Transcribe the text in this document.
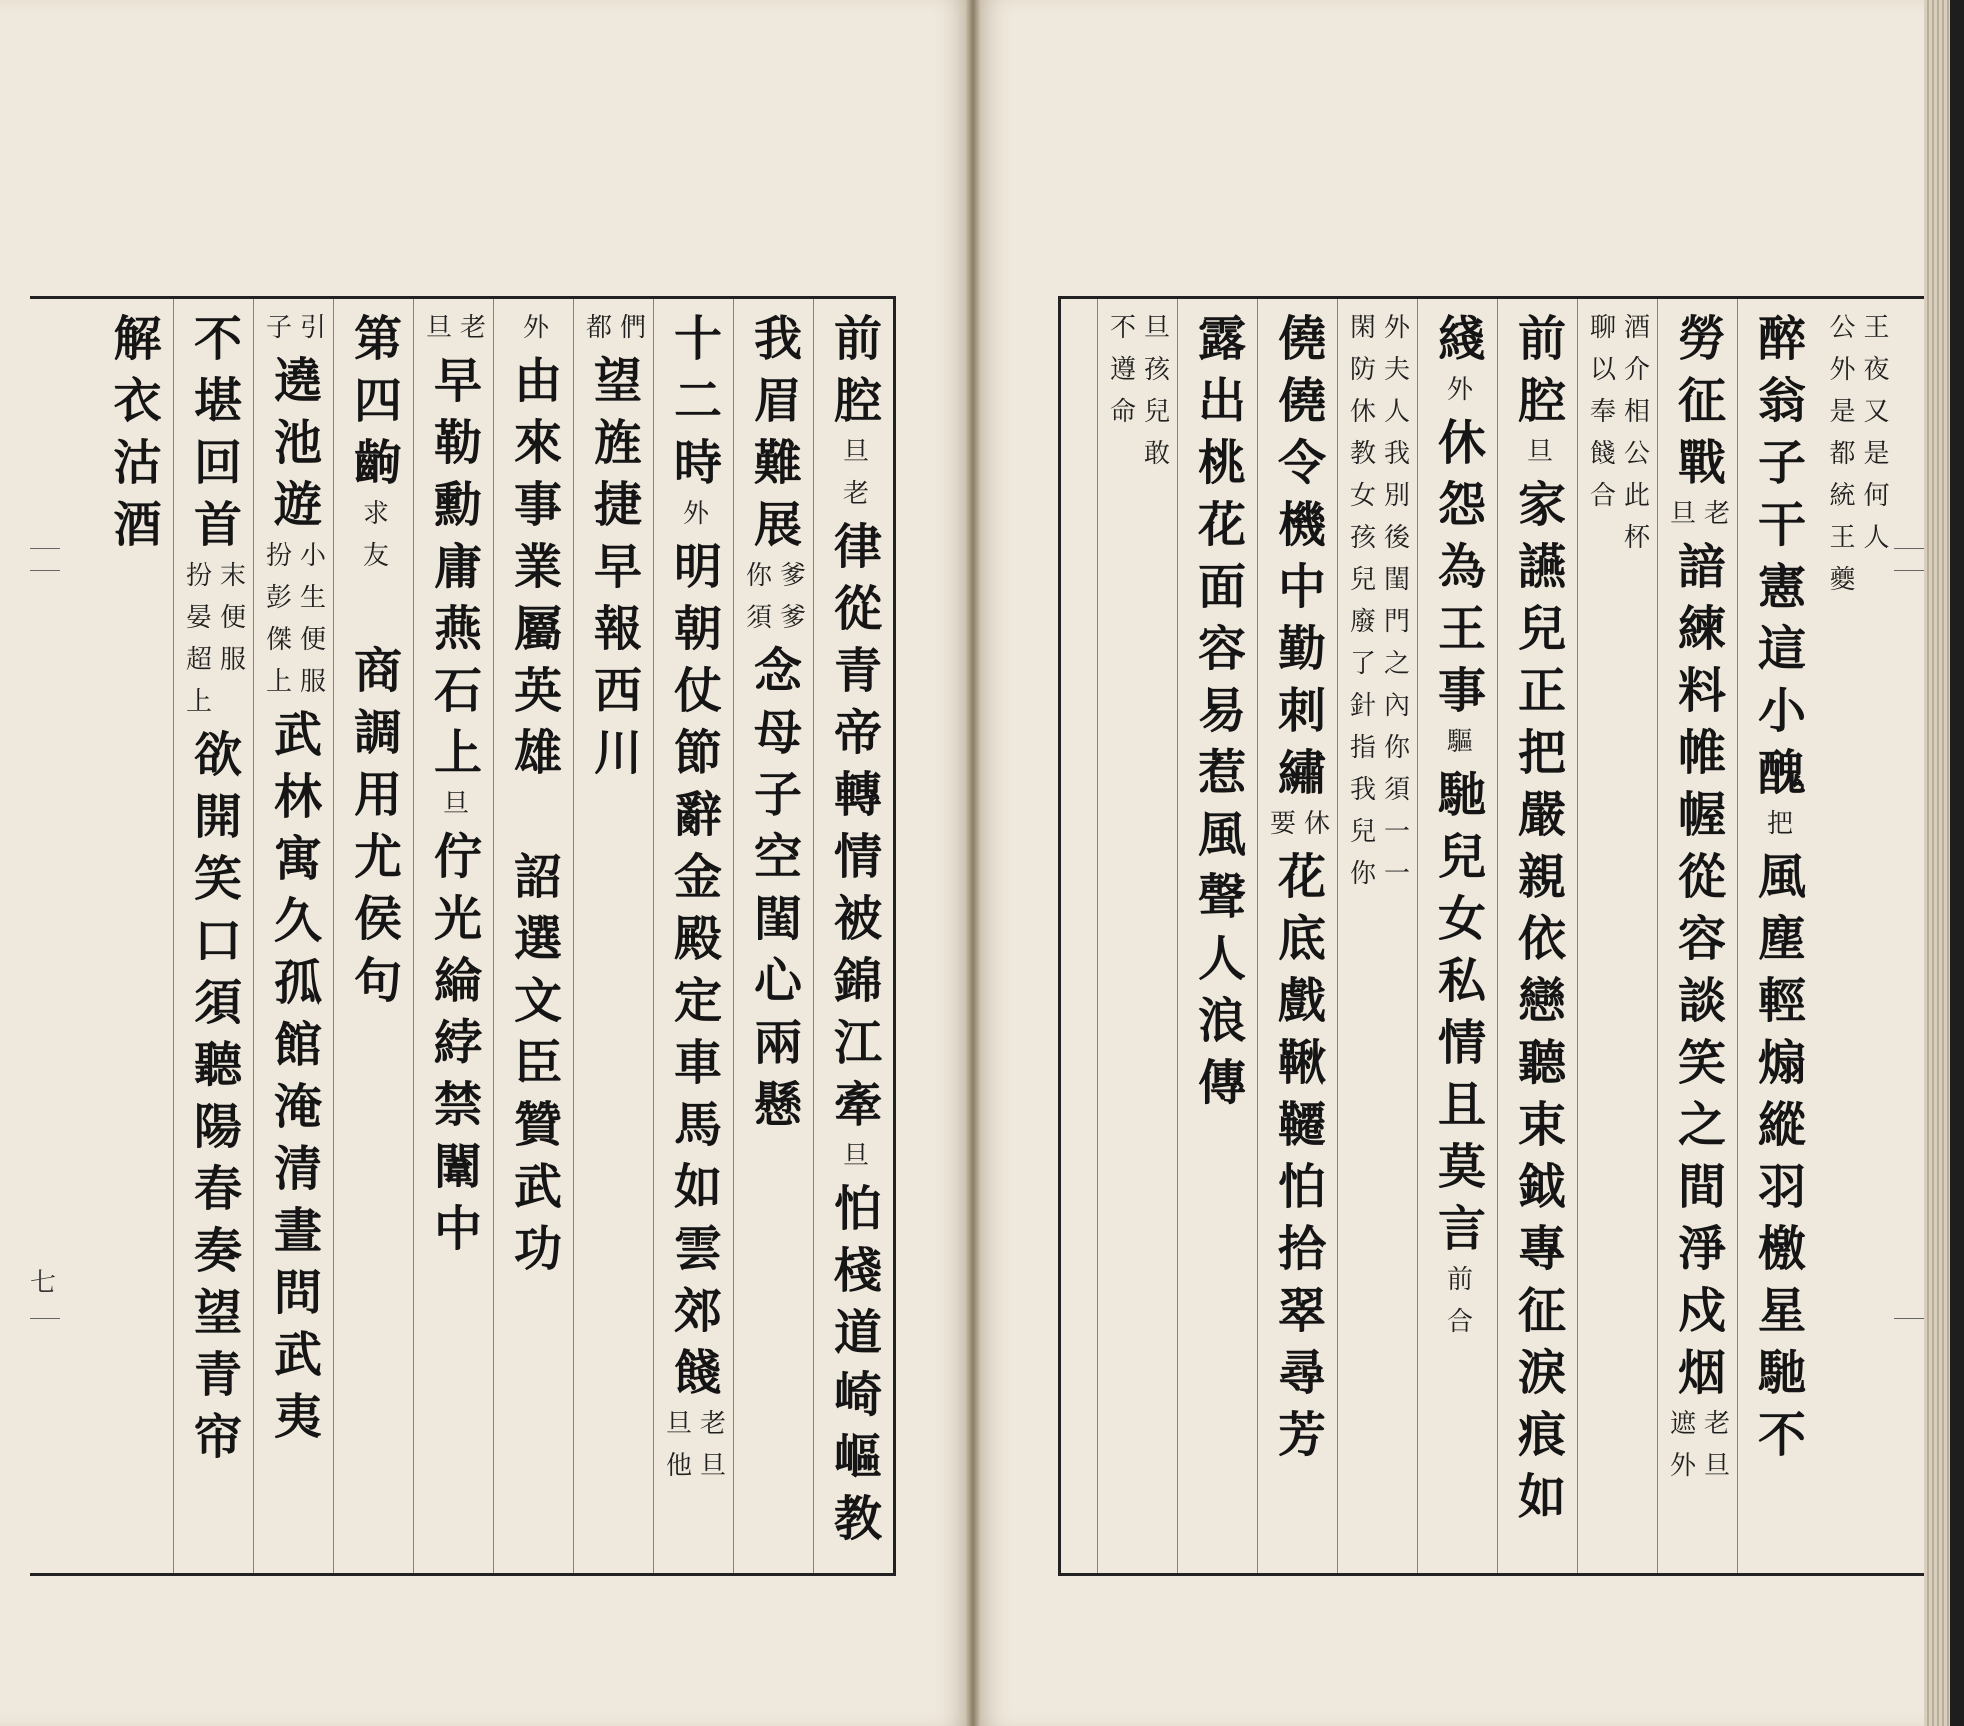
前腔
旦老
律從青帝轉情被錦江牽
旦
怕棧道崎嶇教
我眉難展
爹爹
你須
念母子空閨心兩懸
十二時
外
明朝仗節辭金殿定車馬如雲郊餞
老旦
旦他
們
都
望旌捷早報西川
外
由來事業屬英雄
詔選文臣贊武功
老
旦
早勒勳庸燕石上
旦
佇光綸綍禁闈中
第四齣
求友
商調用尤侯句
引
子
遶池遊
小生便服
扮彭傑上
武林寓久孤館淹清晝問武夷
不堪回首
末便服
扮晏超上
欲開笑口須聽陽春奏望青帘
解衣沽酒	王夜又是何人
公外是都統王夔
醉翁子
干憲這小醜
把
風塵輕煽縱羽檄星馳不
勞征戰
老
旦
諳練料帷幄從容談笑之間淨戍烟
老旦
遮外
酒介相公此杯
聊以奉餞合
前腔
旦
家讌兒正把嚴親依戀聽束鉞專征淚痕如
綫
外
休怨為王事
驅
馳兒女私情且莫言
前合
外夫人我別後閨門之內你須一一
閑防休教女孩兒廢了針指我兒你
僥僥令
機中勤刺繡
休
要
花底戲鞦韆怕拾翠尋芳
露出桃花面容易惹風聲人浪傳
旦孩兒敢
不遵命
七
